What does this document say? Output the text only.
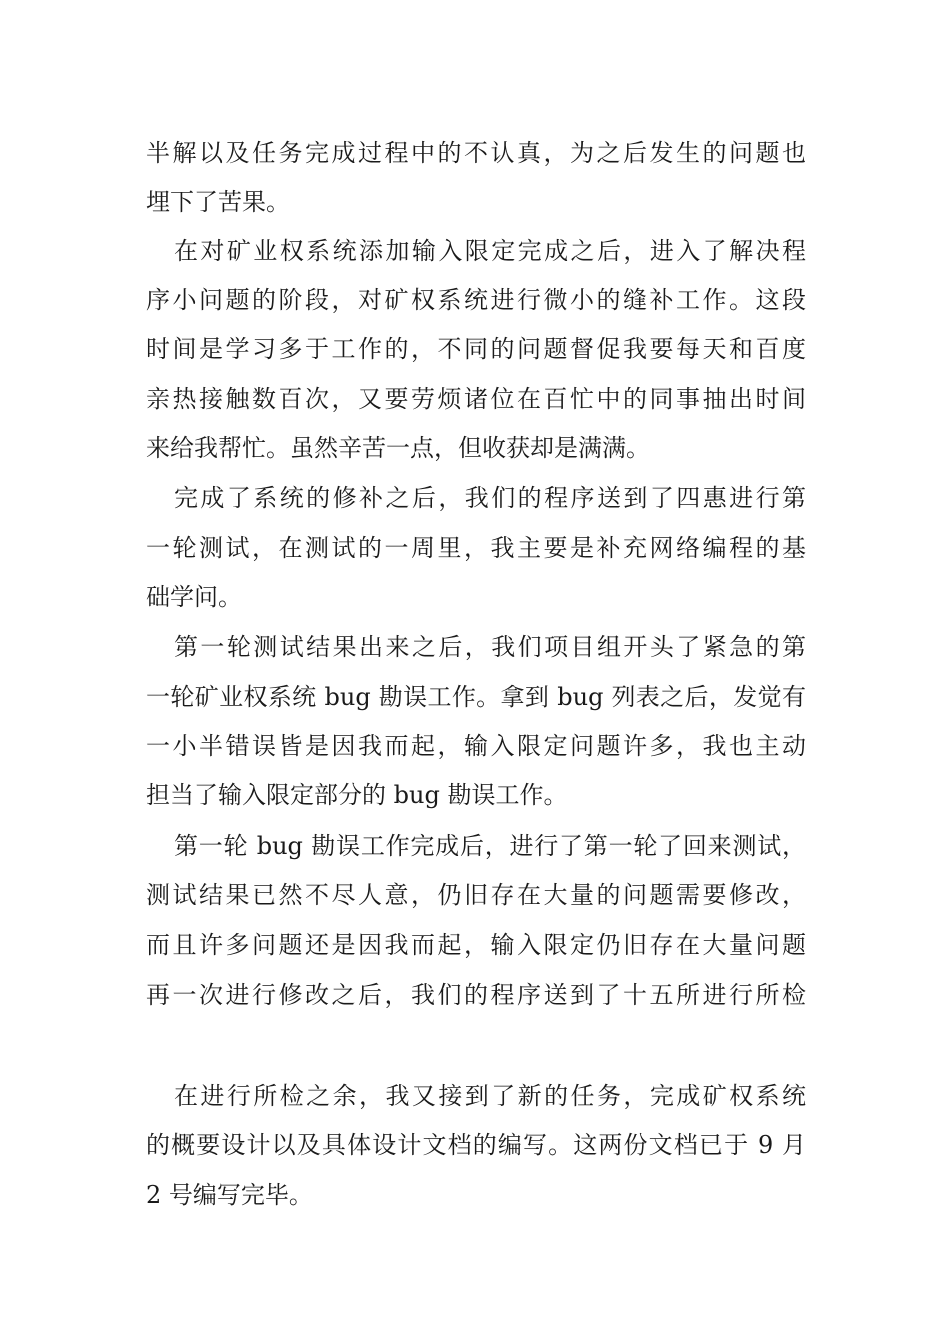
半解以及任务完成过程中的不认真，为之后发生的问题也
埋下了苦果。
在对矿业权系统添加输入限定完成之后，进入了解决程
序小问题的阶段，对矿权系统进行微小的缝补工作。这段
时间是学习多于工作的，不同的问题督促我要每天和百度
亲热接触数百次，又要劳烦诸位在百忙中的同事抽出时间
来给我帮忙。虽然辛苦一点，但收获却是满满。
完成了系统的修补之后，我们的程序送到了四惠进行第
一轮测试，在测试的一周里，我主要是补充网络编程的基
础学问。
第一轮测试结果出来之后，我们项目组开头了紧急的第
一轮矿业权系统 bug 勘误工作。拿到 bug 列表之后，发觉有
一小半错误皆是因我而起，输入限定问题许多，我也主动
担当了输入限定部分的 bug 勘误工作。
第一轮 bug 勘误工作完成后，进行了第一轮了回来测试，
测试结果已然不尽人意，仍旧存在大量的问题需要修改，
而且许多问题还是因我而起，输入限定仍旧存在大量问题
再一次进行修改之后，我们的程序送到了十五所进行所检
在进行所检之余，我又接到了新的任务，完成矿权系统
的概要设计以及具体设计文档的编写。这两份文档已于 9 月
2 号编写完毕。
